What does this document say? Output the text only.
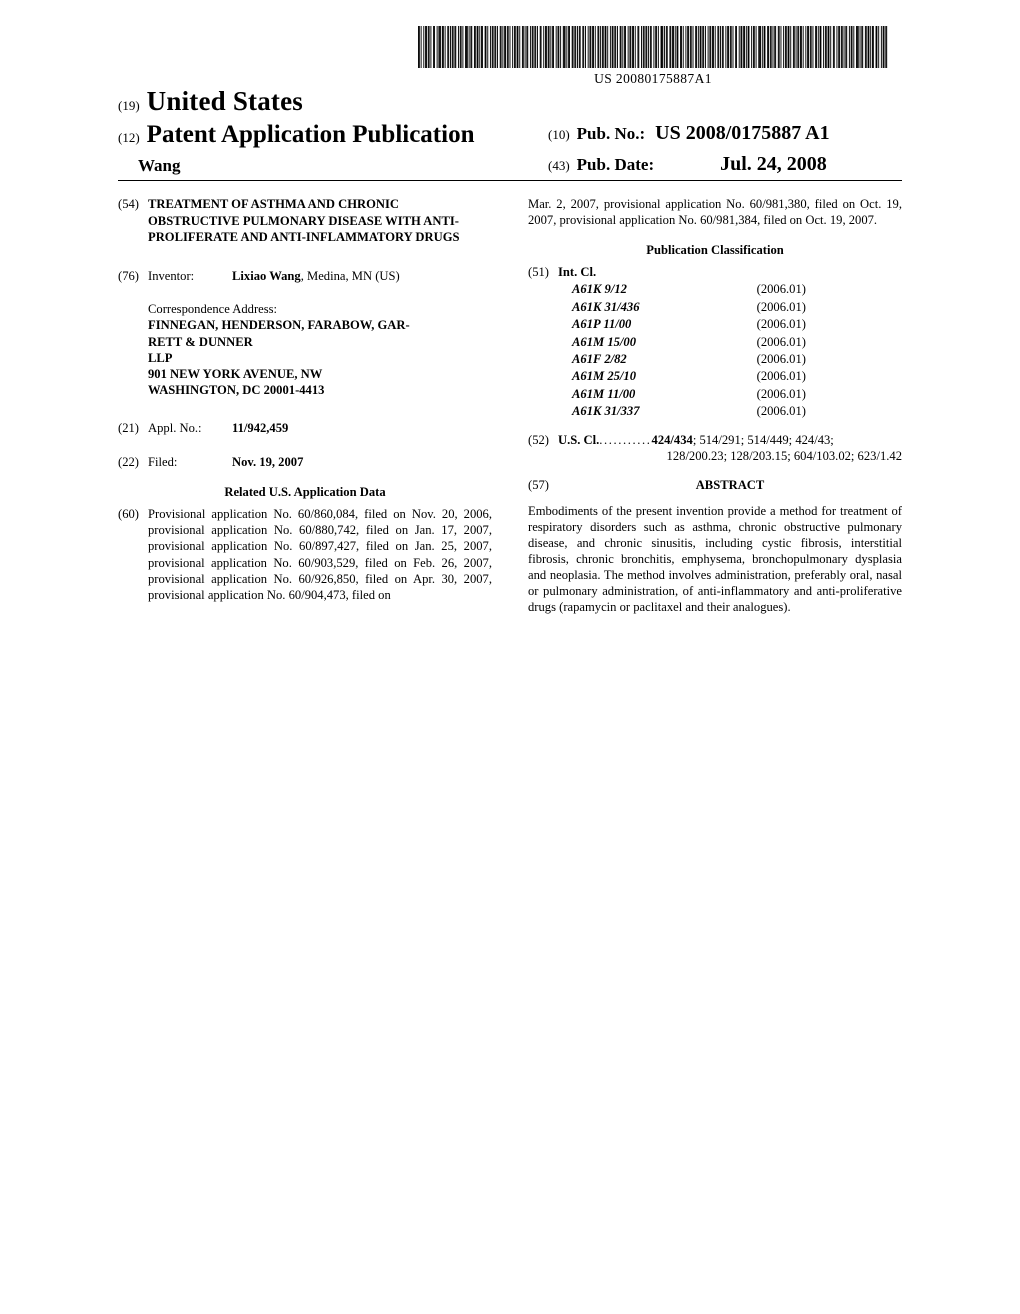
US 20080175887A1
(19) United States
(12) Patent Application Publication
Wang
(10) Pub. No.: US 2008/0175887 A1
(43) Pub. Date:	Jul. 24, 2008
(54) TREATMENT OF ASTHMA AND CHRONIC OBSTRUCTIVE PULMONARY DISEASE WITH ANTI-PROLIFERATE AND ANTI-INFLAMMATORY DRUGS
(76) Inventor:	Lixiao Wang, Medina, MN (US)
Correspondence Address:
FINNEGAN, HENDERSON, FARABOW, GAR-
RETT & DUNNER
LLP
901 NEW YORK AVENUE, NW
WASHINGTON, DC 20001-4413
(21) Appl. No.:	11/942,459
(22) Filed:	Nov. 19, 2007
Related U.S. Application Data
(60) Provisional application No. 60/860,084, filed on Nov. 20, 2006, provisional application No. 60/880,742, filed on Jan. 17, 2007, provisional application No. 60/897,427, filed on Jan. 25, 2007, provisional application No. 60/903,529, filed on Feb. 26, 2007, provisional application No. 60/926,850, filed on Apr. 30, 2007, provisional application No. 60/904,473, filed on
Mar. 2, 2007, provisional application No. 60/981,380, filed on Oct. 19, 2007, provisional application No. 60/981,384, filed on Oct. 19, 2007.
Publication Classification
(51) Int. Cl.
A61K 9/12	(2006.01)
A61K 31/436	(2006.01)
A61P 11/00	(2006.01)
A61M 15/00	(2006.01)
A61F 2/82	(2006.01)
A61M 25/10	(2006.01)
A61M 11/00	(2006.01)
A61K 31/337	(2006.01)
(52) U.S. Cl............424/434; 514/291; 514/449; 424/43;
128/200.23; 128/203.15; 604/103.02; 623/1.42
(57)	ABSTRACT
Embodiments of the present invention provide a method for treatment of respiratory disorders such as asthma, chronic obstructive pulmonary disease, and chronic sinusitis, including cystic fibrosis, interstitial fibrosis, chronic bronchitis, emphysema, bronchopulmonary dysplasia and neoplasia. The method involves administration, preferably oral, nasal or pulmonary administration, of anti-inflammatory and anti-proliferative drugs (rapamycin or paclitaxel and their analogues).
